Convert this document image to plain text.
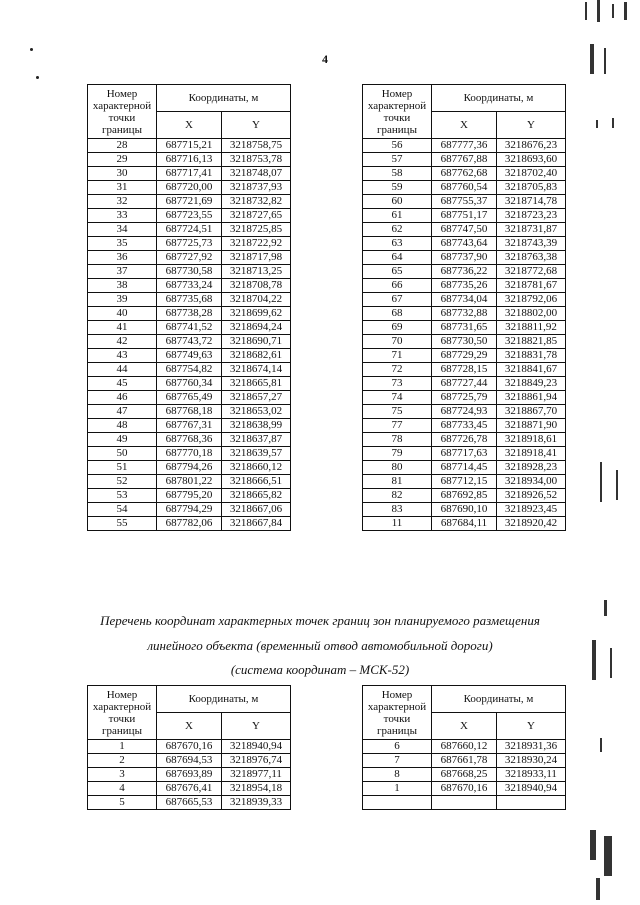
4
Номер характерной точки границы	Координаты, м	
	X	Y
28	687715,21	3218758,75
29	687716,13	3218753,78
30	687717,41	3218748,07
31	687720,00	3218737,93
32	687721,69	3218732,82
33	687723,55	3218727,65
34	687724,51	3218725,85
35	687725,73	3218722,92
36	687727,92	3218717,98
37	687730,58	3218713,25
38	687733,24	3218708,78
39	687735,68	3218704,22
40	687738,28	3218699,62
41	687741,52	3218694,24
42	687743,72	3218690,71
43	687749,63	3218682,61
44	687754,82	3218674,14
45	687760,34	3218665,81
46	687765,49	3218657,27
47	687768,18	3218653,02
48	687767,31	3218638,99
49	687768,36	3218637,87
50	687770,18	3218639,57
51	687794,26	3218660,12
52	687801,22	3218666,51
53	687795,20	3218665,82
54	687794,29	3218667,06
55	687782,06	3218667,84
Номер характерной точки границы	Координаты, м	
	X	Y
56	687777,36	3218676,23
57	687767,88	3218693,60
58	687762,68	3218702,40
59	687760,54	3218705,83
60	687755,37	3218714,78
61	687751,17	3218723,23
62	687747,50	3218731,87
63	687743,64	3218743,39
64	687737,90	3218763,38
65	687736,22	3218772,68
66	687735,26	3218781,67
67	687734,04	3218792,06
68	687732,88	3218802,00
69	687731,65	3218811,92
70	687730,50	3218821,85
71	687729,29	3218831,78
72	687728,15	3218841,67
73	687727,44	3218849,23
74	687725,79	3218861,94
75	687724,93	3218867,70
77	687733,45	3218871,90
78	687726,78	3218918,61
79	687717,63	3218918,41
80	687714,45	3218928,23
81	687712,15	3218934,00
82	687692,85	3218926,52
83	687690,10	3218923,45
11	687684,11	3218920,42
Перечень координат характерных точек границ зон планируемого размещения
линейного объекта (временный отвод автомобильной дороги)
(система координат – МСК-52)
Номер характерной точки границы	Координаты, м	
	X	Y
1	687670,16	3218940,94
2	687694,53	3218976,74
3	687693,89	3218977,11
4	687676,41	3218954,18
5	687665,53	3218939,33
Номер характерной точки границы	Координаты, м	
	X	Y
6	687660,12	3218931,36
7	687661,78	3218930,24
8	687668,25	3218933,11
1	687670,16	3218940,94
